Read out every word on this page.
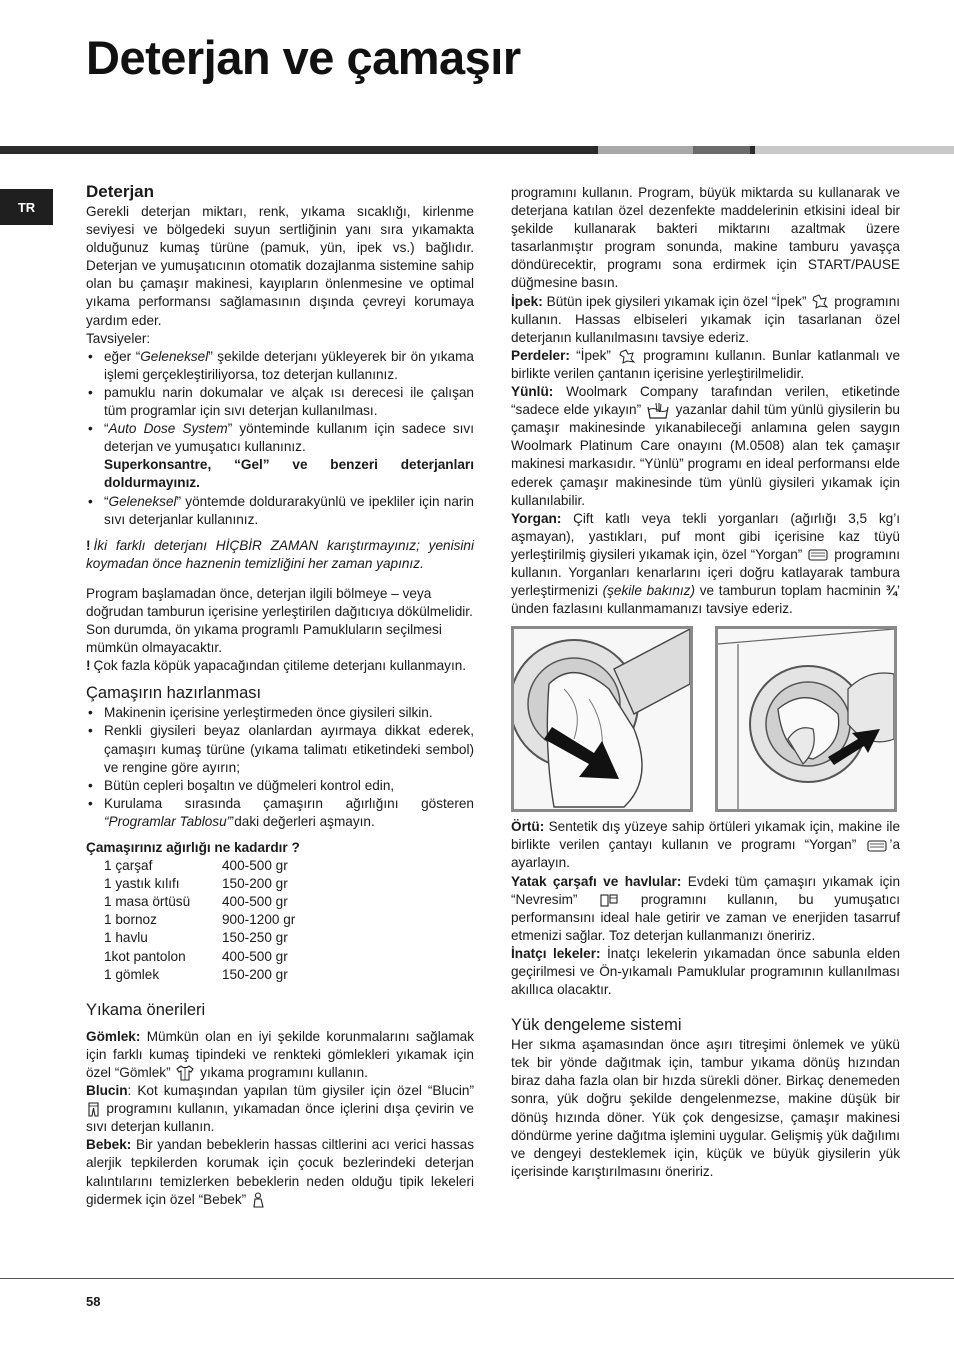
Deterjan ve çamaşır
TR
Deterjan

Gerekli deterjan miktarı, renk, yıkama sıcaklığı, kirlenme seviyesi ve bölgedeki suyun sertliğinin yanı sıra yıkamakta olduğunuz kumaş türüne (pamuk, yün, ipek vs.) bağlıdır. Deterjan ve yumuşatıcının otomatik dozajlanma sistemine sahip olan bu çamaşır makinesi, kayıpların önlenmesine ve optimal yıkama performansı sağlamasının dışında çevreyi korumaya yardım eder.

Tavsiyeler:

• eğer “Geleneksel” şekilde deterjanı yükleyerek bir ön yıkama işlemi gerçekleştiriliyorsa, toz deterjan kullanınız.
• pamuklu narin dokumalar ve alçak ısı derecesi ile çalışan tüm programlar için sıvı deterjan kullanılması.
• “Auto Dose System” yönteminde kullanım için sadece sıvı deterjan ve yumuşatıcı kullanınız.
Superkonsantre, “Gel” ve benzeri deterjanları doldurmayınız.
• “Geleneksel” yöntemde doldurarakyünlü ve ipekliler için narin sıvı deterjanlar kullanınız.

! İki farklı deterjanı HİÇBİR ZAMAN karıştırmayınız; yenisini koymadan önce haznenin temizliğini her zaman yapınız.

Program başlamadan önce, deterjan ilgili bölmeye – veya doğrudan tamburun içerisine yerleştirilen dağıtıcıya dökülmelidir. Son durumda, ön yıkama programlı Pamukluların seçilmesi mümkün olmayacaktır.

! Çok fazla köpük yapacağından çitileme deterjanı kullanmayın.

Çamaşırın hazırlanması
• Makinenin içerisine yerleştirmeden önce giysileri silkin.
• Renkli giysileri beyaz olanlardan ayırmaya dikkat ederek, çamaşırı kumaş türüne (yıkama talimatı etiketindeki sembol) ve rengine göre ayırın;
• Bütün cepleri boşaltın ve düğmeleri kontrol edin,
• Kurulama sırasında çamaşırın ağırlığını gösteren “Programlar Tablosu”’daki değerleri aşmayın.

Çamaşırınız ağırlığı ne kadardır ?

1 çarşaf	400-500 gr
1 yastık kılıfı	150-200 gr
1 masa örtüsü	400-500 gr
1 bornoz	900-1200 gr
1 havlu	150-250 gr
1kot pantolon	400-500 gr
1 gömlek	150-200 gr
Yıkama önerileri

Gömlek: Mümkün olan en iyi şekilde korunmalarını sağlamak için farklı kumaş tipindeki ve renkteki gömlekleri yıkamak için özel “Gömlek” yıkama programını kullanın.

Blucin: Kot kumaşından yapılan tüm giysiler için özel “Blucin”  programını kullanın, yıkamadan önce içlerini dışa çevirin ve sıvı deterjan kullanın.

Bebek: Bir yandan bebeklerin hassas ciltlerini acı verici hassas alerjik tepkilerden korumak için çocuk bezlerindeki deterjan kalıntılarını temizlerken bebeklerin neden olduğu tipik lekeleri gidermek için özel “Bebek”

programını kullanın. Program, büyük miktarda su kullanarak ve deterjana katılan özel dezenfekte maddelerinin etkisini ideal bir şekilde kullanarak bakteri miktarını azaltmak üzere tasarlanmıştır program sonunda, makine tamburu yavaşça döndürecektir, programı sona erdirmek için START/PAUSE düğmesine basın.

İpek: Bütün ipek giysileri yıkamak için özel “İpek” programını kullanın. Hassas elbiseleri yıkamak için tasarlanan özel deterjanın kullanılmasını tavsiye ederiz.

Perdeler: “İpek” programını kullanın. Bunlar katlanmalı ve birlikte verilen çantanın içerisine yerleştirilmelidir.

Yünlü: Woolmark Company tarafından verilen, etiketinde “sadece elde yıkayın”	yazanlar dahil tüm yünlü giysilerin bu çamaşır makinesinde yıkanabileceği anlamına gelen saygın Woolmark Platinum Care onayını (M.0508) alan tek çamaşır makinesi markasıdır. “Yünlü” programı en ideal performansı elde ederek çamaşır makinesinde tüm yünlü giysileri yıkamak için kullanılabilir.

Yorgan: Çift katlı veya tekli yorganları (ağırlığı 3,5 kg’ı aşmayan), yastıkları, puf mont gibi içerisine kaz tüyü yerleştirilmiş giysileri yıkamak için, özel “Yorgan” programını kullanın. Yorganları kenarlarını içeri doğru katlayarak tambura yerleştirmenizi (şekile bakınız) ve tamburun toplam hacminin ¾’ ünden fazlasını kullanmamanızı tavsiye ederiz.

Örtü: Sentetik dış yüzeye sahip örtüleri yıkamak için, makine ile birlikte verilen çantayı kullanın ve programı “Yorgan” ’a ayarlayın.

Yatak çarşafı ve havlular: Evdeki tüm çamaşırı yıkamak için “Nevresim”	programını kullanın, bu yumuşatıcı performansını ideal hale getirir ve zaman ve enerjiden tasarruf etmenizi sağlar. Toz deterjan kullanmanızı öneririz.

İnatçı lekeler: İnatçı lekelerin yıkamadan önce sabunla elden geçirilmesi ve Ön-yıkamalı Pamuklular programının kullanılması akıllıca olacaktır.

Yük dengeleme sistemi

Her sıkma aşamasından önce aşırı titreşimi önlemek ve yükü tek bir yönde dağıtmak için, tambur yıkama dönüş hızından biraz daha fazla olan bir hızda sürekli döner. Birkaç denemeden sonra, yük doğru şekilde dengelenmezse, makine düşük bir dönüş hızında döner. Yük çok dengesizse, çamaşır makinesi döndürme yerine dağıtma işlemini uygular. Gelişmiş yük dağılımı ve dengeyi desteklemek için, küçük ve büyük giysilerin yük içerisinde karıştırılmasını öneririz.

58
